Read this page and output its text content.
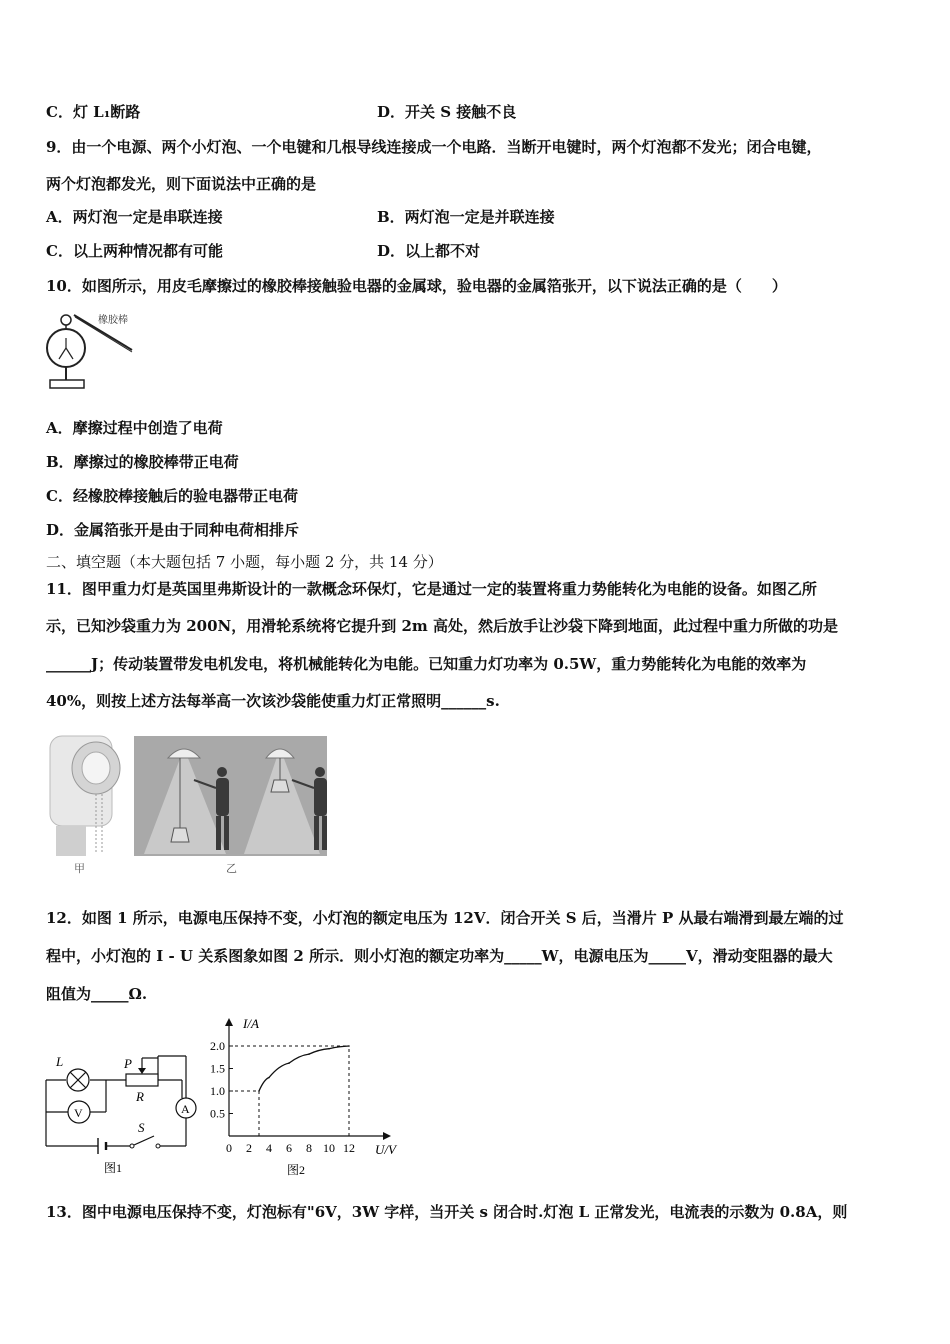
C．灯 L₁断路	D．开关 S 接触不良
9．由一个电源、两个小灯泡、一个电键和几根导线连接成一个电路．当断开电键时，两个灯泡都不发光；闭合电键，
两个灯泡都发光，则下面说法中正确的是
A．两灯泡一定是串联连接	B．两灯泡一定是并联连接
C．以上两种情况都有可能	D．以上都不对
10．如图所示，用皮毛摩擦过的橡胶棒接触验电器的金属球，验电器的金属箔张开，以下说法正确的是（　　）
橡胶棒
A．摩擦过程中创造了电荷
B．摩擦过的橡胶棒带正电荷
C．经橡胶棒接触后的验电器带正电荷
D．金属箔张开是由于同种电荷相排斥
二、填空题（本大题包括 7 小题，每小题 2 分，共 14 分）
11．图甲重力灯是英国里弗斯设计的一款概念环保灯，它是通过一定的装置将重力势能转化为电能的设备。如图乙所
示，已知沙袋重力为 200N，用滑轮系统将它提升到 2m 高处，然后放手让沙袋下降到地面，此过程中重力所做的功是
______J；传动装置带发电机发电，将机械能转化为电能。已知重力灯功率为 0.5W，重力势能转化为电能的效率为
40%，则按上述方法每举高一次该沙袋能使重力灯正常照明______s.
甲	乙
12．如图 1 所示，电源电压保持不变，小灯泡的额定电压为 12V．闭合开关 S 后，当滑片 P 从最右端滑到最左端的过
程中，小灯泡的 I - U 关系图象如图 2 所示．则小灯泡的额定功率为_____W，电源电压为_____V，滑动变阻器的最大
阻值为_____Ω.
L
V
P
R
A
S
图1
I/A
U/V
图2
0 2 4 6 8 10 12
0.5
1.0
1.5
2.0
13．图中电源电压保持不变，灯泡标有"6V，3W 字样，当开关 s 闭合时.灯泡 L 正常发光，电流表的示数为 0.8A，则
